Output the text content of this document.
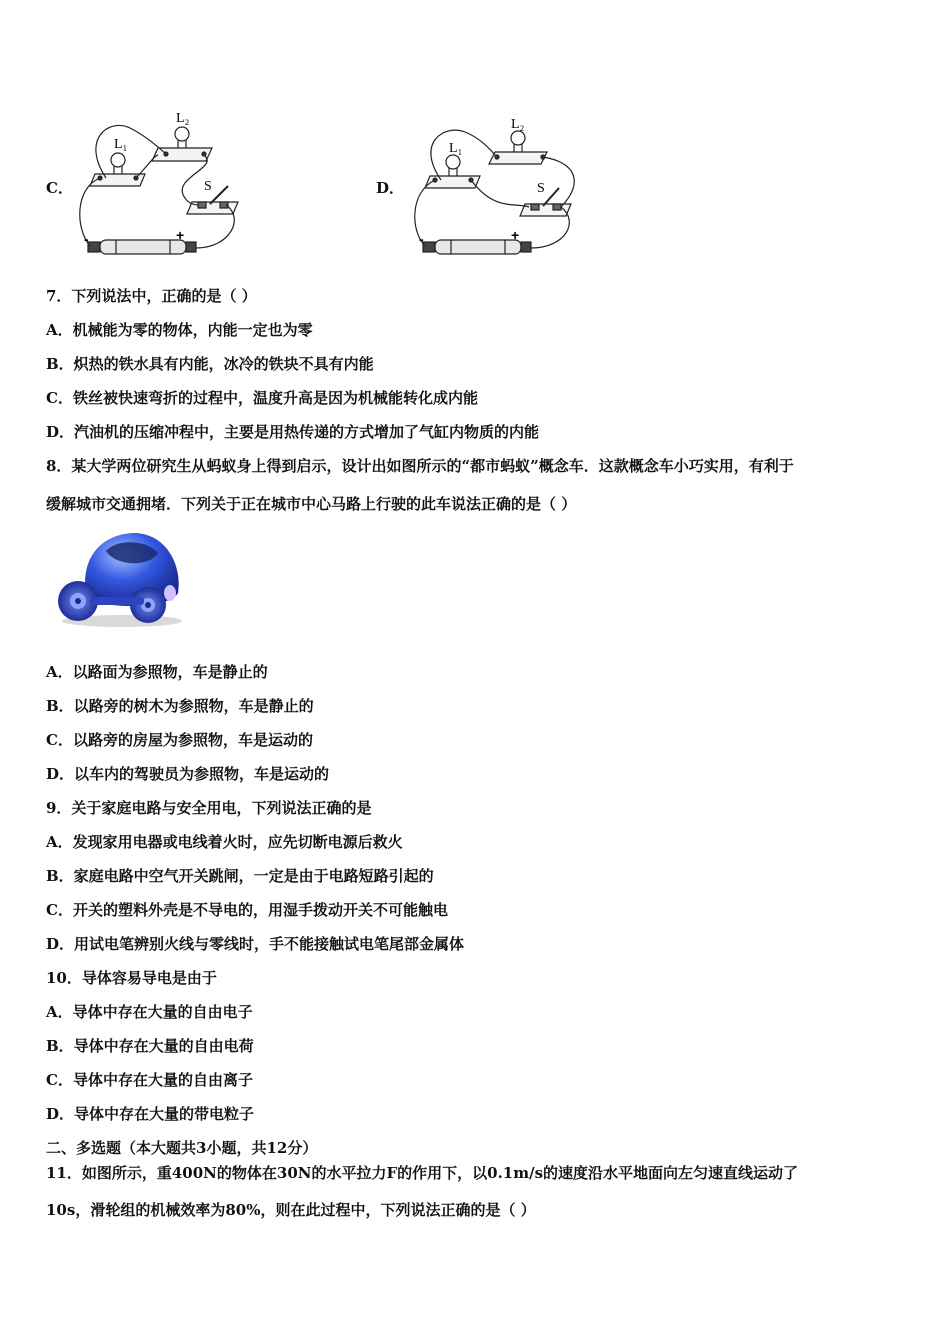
C．
L₁
L₂
S
-	+
D．
L₁
L₂
S
-	+
7．下列说法中，正确的是（ ）
A．机械能为零的物体，内能一定也为零
B．炽热的铁水具有内能，冰冷的铁块不具有内能
C．铁丝被快速弯折的过程中，温度升高是因为机械能转化成内能
D．汽油机的压缩冲程中，主要是用热传递的方式增加了气缸内物质的内能
8．某大学两位研究生从蚂蚁身上得到启示，设计出如图所示的“都市蚂蚁”概念车．这款概念车小巧实用，有利于
缓解城市交通拥堵．下列关于正在城市中心马路上行驶的此车说法正确的是（ ）
A．以路面为参照物，车是静止的
B．以路旁的树木为参照物，车是静止的
C．以路旁的房屋为参照物，车是运动的
D．以车内的驾驶员为参照物，车是运动的
9．关于家庭电路与安全用电，下列说法正确的是
A．发现家用电器或电线着火时，应先切断电源后救火
B．家庭电路中空气开关跳闸，一定是由于电路短路引起的
C．开关的塑料外壳是不导电的，用湿手拨动开关不可能触电
D．用试电笔辨别火线与零线时，手不能接触试电笔尾部金属体
10．导体容易导电是由于
A．导体中存在大量的自由电子
B．导体中存在大量的自由电荷
C．导体中存在大量的自由离子
D．导体中存在大量的带电粒子
二、多选题（本大题共3小题，共12分）
11．如图所示，重400N的物体在30N的水平拉力F的作用下，以0.1m/s的速度沿水平地面向左匀速直线运动了
10s，滑轮组的机械效率为80%，则在此过程中，下列说法正确的是（ ）
